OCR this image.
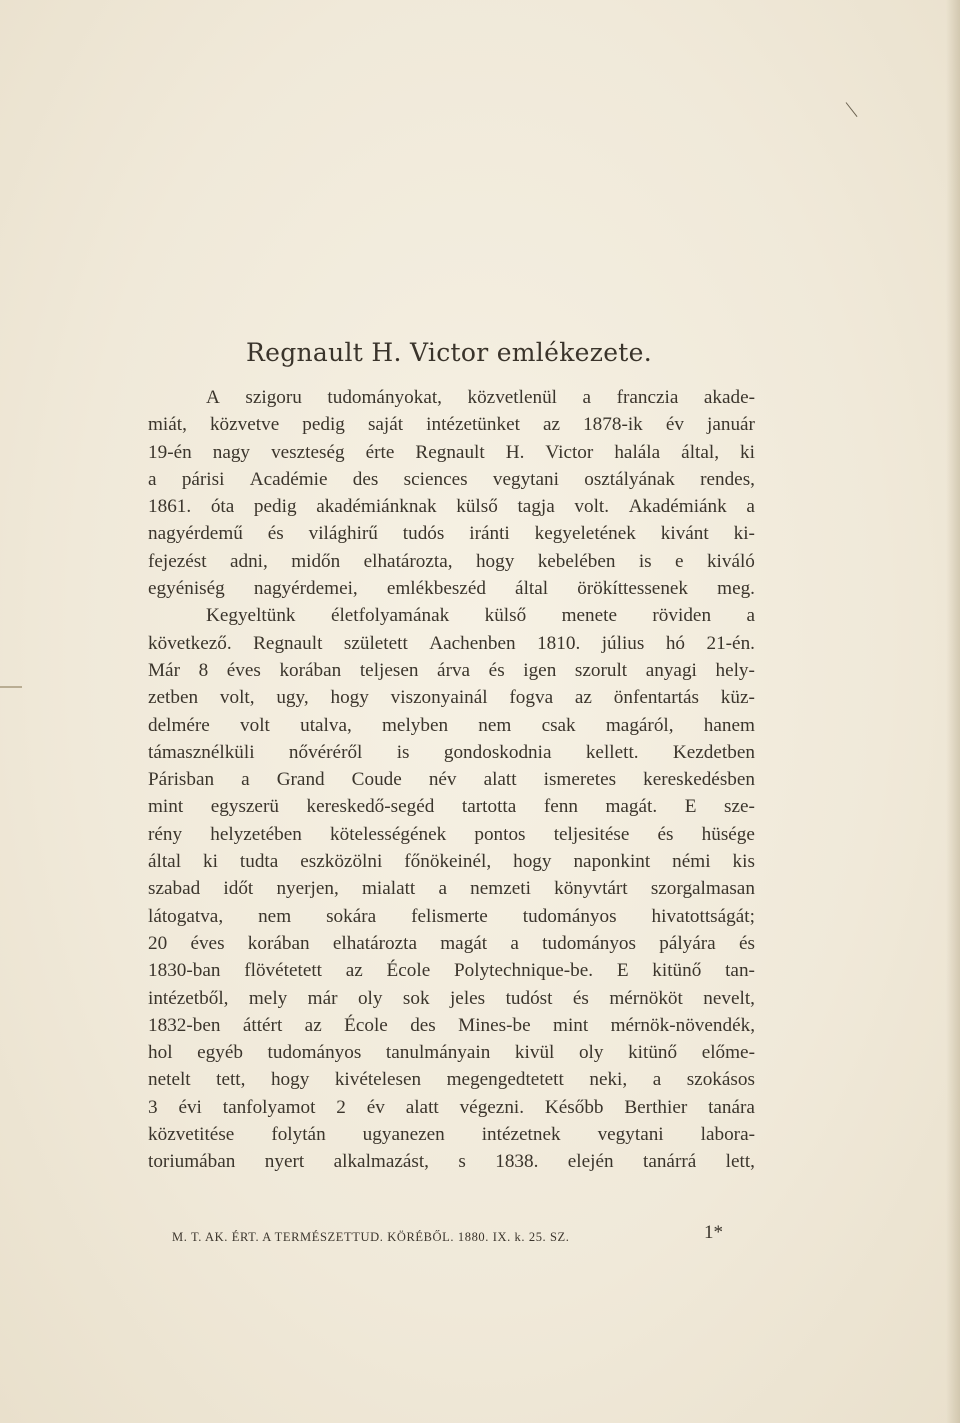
Regnault H. Victor emlékezete.
A szigoru tudományokat, közvetlenül a franczia akade-
miát, közvetve pedig saját intézetünket az 1878-ik év január
19-én nagy veszteség érte Regnault H. Victor halála által, ki
a párisi Académie des sciences vegytani osztályának rendes,
1861. óta pedig akadémiánknak külső tagja volt. Akadémiánk a
nagyérdemű és világhirű tudós iránti kegyeletének kivánt ki-
fejezést adni, midőn elhatározta, hogy kebelében is e kiváló
egyéniség nagyérdemei, emlékbeszéd által örökíttessenek meg.
Kegyeltünk életfolyamának külső menete röviden a
következő. Regnault született Aachenben 1810. július hó 21-én.
Már 8 éves korában teljesen árva és igen szorult anyagi hely-
zetben volt, ugy, hogy viszonyainál fogva az önfentartás küz-
delmére volt utalva, melyben nem csak magáról, hanem
támasznélküli nővéréről is gondoskodnia kellett. Kezdetben
Párisban a Grand Coude név alatt ismeretes kereskedésben
mint egyszerü kereskedő-segéd tartotta fenn magát. E sze-
rény helyzetében kötelességének pontos teljesitése és hüsége
által ki tudta eszközölni főnökeinél, hogy naponkint némi kis
szabad időt nyerjen, mialatt a nemzeti könyvtárt szorgalmasan
látogatva, nem sokára felismerte tudományos hivatottságát;
20 éves korában elhatározta magát a tudományos pályára és
1830-ban flövétetett az École Polytechnique-be. E kitünő tan-
intézetből, mely már oly sok jeles tudóst és mérnököt nevelt,
1832-ben áttért az École des Mines-be mint mérnök-növendék,
hol egyéb tudományos tanulmányain kivül oly kitünő előme-
netelt tett, hogy kivételesen megengedtetett neki, a szokásos
3 évi tanfolyamot 2 év alatt végezni. Később Berthier tanára
közvetitése folytán ugyanezen intézetnek vegytani labora-
toriumában nyert alkalmazást, s 1838. elején tanárrá lett,
M. T. AK. ÉRT. A TERMÉSZETTUD. KÖRÉBŐL. 1880. IX. k. 25. SZ.	1*
